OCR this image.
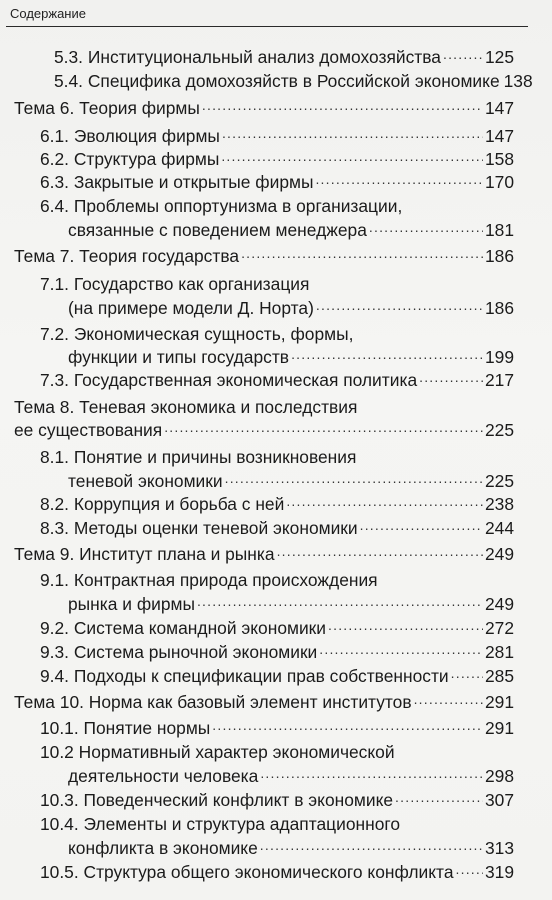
Содержание
5.3. Институциональный анализ домохозяйства .....	125
5.4. Специфика домохозяйств в Российской экономике 138
Тема 6. Теория фирмы .....	147
6.1. Эволюция фирмы .....	147
6.2. Структура фирмы .....	158
6.3. Закрытые и открытые фирмы .....	170
6.4. Проблемы оппортунизма в организации,
связанные с поведением менеджера .....	181
Тема 7. Теория государства .....	186
7.1. Государство как организация
(на примере модели Д. Норта) .....	186
7.2. Экономическая сущность, формы,
функции и типы государств .....	199
7.3. Государственная экономическая политика .....	217
Тема 8. Теневая экономика и последствия
ее существования .....	225
8.1. Понятие и причины возникновения
теневой экономики .....	225
8.2. Коррупция и борьба с ней .....	238
8.3. Методы оценки теневой экономики .....	244
Тема 9. Институт плана и рынка .....	249
9.1. Контрактная природа происхождения
рынка и фирмы .....	249
9.2. Система командной экономики .....	272
9.3. Система рыночной экономики .....	281
9.4. Подходы к спецификации прав собственности ..... 285
Тема 10. Норма как базовый элемент институтов .....	291
10.1. Понятие нормы .....	291
10.2 Нормативный характер экономической
деятельности человека .....	298
10.3. Поведенческий конфликт в экономике .....	307
10.4. Элементы и структура адаптационного
конфликта в экономике .....	313
10.5. Структура общего экономического конфликта ..... 319
